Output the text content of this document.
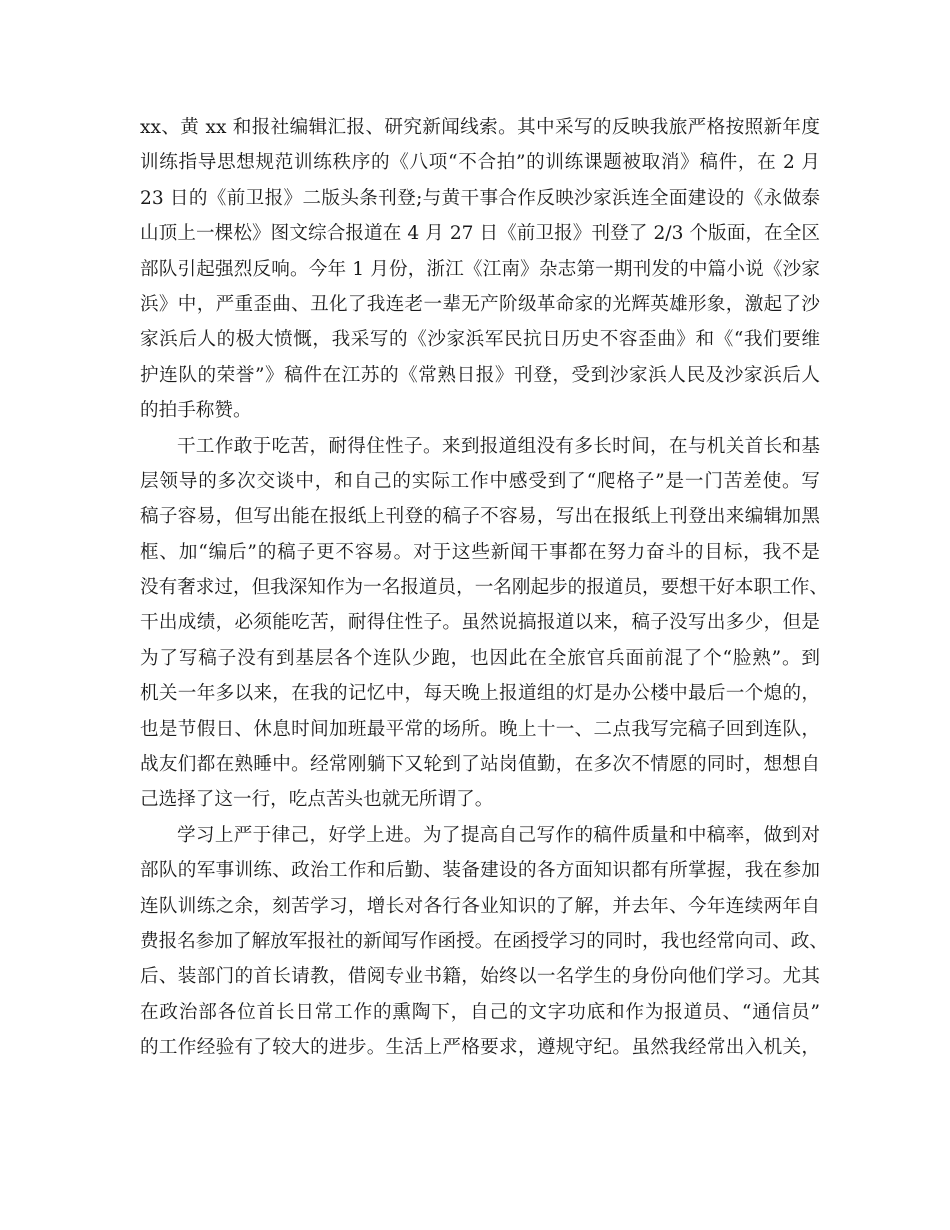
xx、黄 xx 和报社编辑汇报、研究新闻线索。其中采写的反映我旅严格按照新年度
训练指导思想规范训练秩序的《八项“不合拍”的训练课题被取消》稿件，在 2 月
23 日的《前卫报》二版头条刊登;与黄干事合作反映沙家浜连全面建设的《永做泰
山顶上一棵松》图文综合报道在 4 月 27 日《前卫报》刊登了 2/3 个版面，在全区
部队引起强烈反响。今年 1 月份，浙江《江南》杂志第一期刊发的中篇小说《沙家
浜》中，严重歪曲、丑化了我连老一辈无产阶级革命家的光辉英雄形象，激起了沙
家浜后人的极大愤慨，我采写的《沙家浜军民抗日历史不容歪曲》和《“我们要维
护连队的荣誉”》稿件在江苏的《常熟日报》刊登，受到沙家浜人民及沙家浜后人
的拍手称赞。
干工作敢于吃苦，耐得住性子。来到报道组没有多长时间，在与机关首长和基
层领导的多次交谈中，和自己的实际工作中感受到了“爬格子”是一门苦差使。写
稿子容易，但写出能在报纸上刊登的稿子不容易，写出在报纸上刊登出来编辑加黑
框、加“编后”的稿子更不容易。对于这些新闻干事都在努力奋斗的目标，我不是
没有奢求过，但我深知作为一名报道员，一名刚起步的报道员，要想干好本职工作、
干出成绩，必须能吃苦，耐得住性子。虽然说搞报道以来，稿子没写出多少，但是
为了写稿子没有到基层各个连队少跑，也因此在全旅官兵面前混了个“脸熟”。到
机关一年多以来，在我的记忆中，每天晚上报道组的灯是办公楼中最后一个熄的，
也是节假日、休息时间加班最平常的场所。晚上十一、二点我写完稿子回到连队，
战友们都在熟睡中。经常刚躺下又轮到了站岗值勤，在多次不情愿的同时，想想自
己选择了这一行，吃点苦头也就无所谓了。
学习上严于律己，好学上进。为了提高自己写作的稿件质量和中稿率，做到对
部队的军事训练、政治工作和后勤、装备建设的各方面知识都有所掌握，我在参加
连队训练之余，刻苦学习，增长对各行各业知识的了解，并去年、今年连续两年自
费报名参加了解放军报社的新闻写作函授。在函授学习的同时，我也经常向司、政、
后、装部门的首长请教，借阅专业书籍，始终以一名学生的身份向他们学习。尤其
在政治部各位首长日常工作的熏陶下，自己的文字功底和作为报道员、“通信员”
的工作经验有了较大的进步。生活上严格要求，遵规守纪。虽然我经常出入机关，
